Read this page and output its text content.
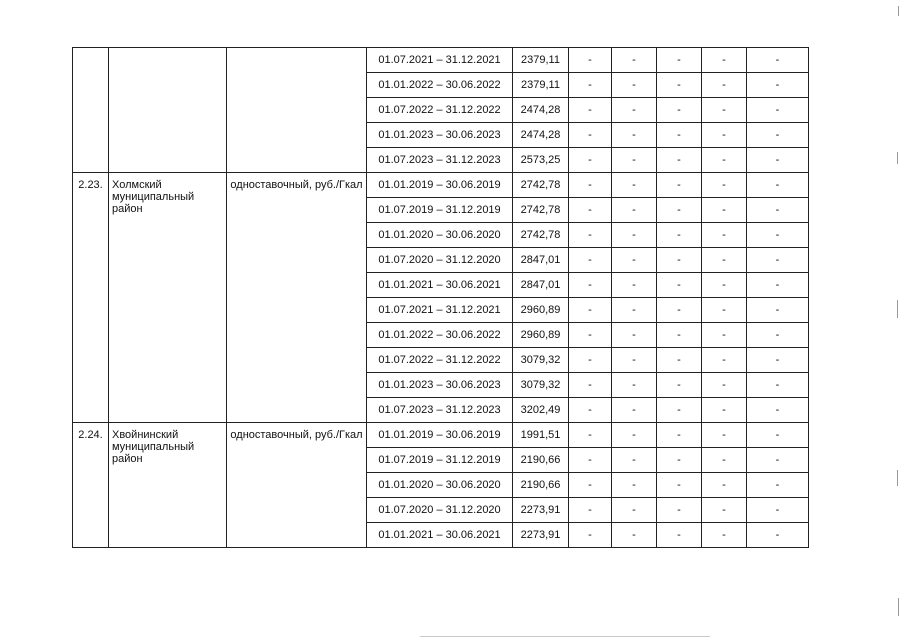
			01.07.2021 – 31.12.2021	2379,11	-	-	-	-	-
			01.01.2022 – 30.06.2022	2379,11	-	-	-	-	-
			01.07.2022 – 31.12.2022	2474,28	-	-	-	-	-
			01.01.2023 – 30.06.2023	2474,28	-	-	-	-	-
			01.07.2023 – 31.12.2023	2573,25	-	-	-	-	-
2.23.	Холмский муниципальный район	одноставочный, руб./Гкал	01.01.2019 – 30.06.2019	2742,78	-	-	-	-	-
			01.07.2019 – 31.12.2019	2742,78	-	-	-	-	-
			01.01.2020 – 30.06.2020	2742,78	-	-	-	-	-
			01.07.2020 – 31.12.2020	2847,01	-	-	-	-	-
			01.01.2021 – 30.06.2021	2847,01	-	-	-	-	-
			01.07.2021 – 31.12.2021	2960,89	-	-	-	-	-
			01.01.2022 – 30.06.2022	2960,89	-	-	-	-	-
			01.07.2022 – 31.12.2022	3079,32	-	-	-	-	-
			01.01.2023 – 30.06.2023	3079,32	-	-	-	-	-
			01.07.2023 – 31.12.2023	3202,49	-	-	-	-	-
2.24.	Хвойнинский муниципальный район	одноставочный, руб./Гкал	01.01.2019 – 30.06.2019	1991,51	-	-	-	-	-
			01.07.2019 – 31.12.2019	2190,66	-	-	-	-	-
			01.01.2020 – 30.06.2020	2190,66	-	-	-	-	-
			01.07.2020 – 31.12.2020	2273,91	-	-	-	-	-
			01.01.2021 – 30.06.2021	2273,91	-	-	-	-	-
